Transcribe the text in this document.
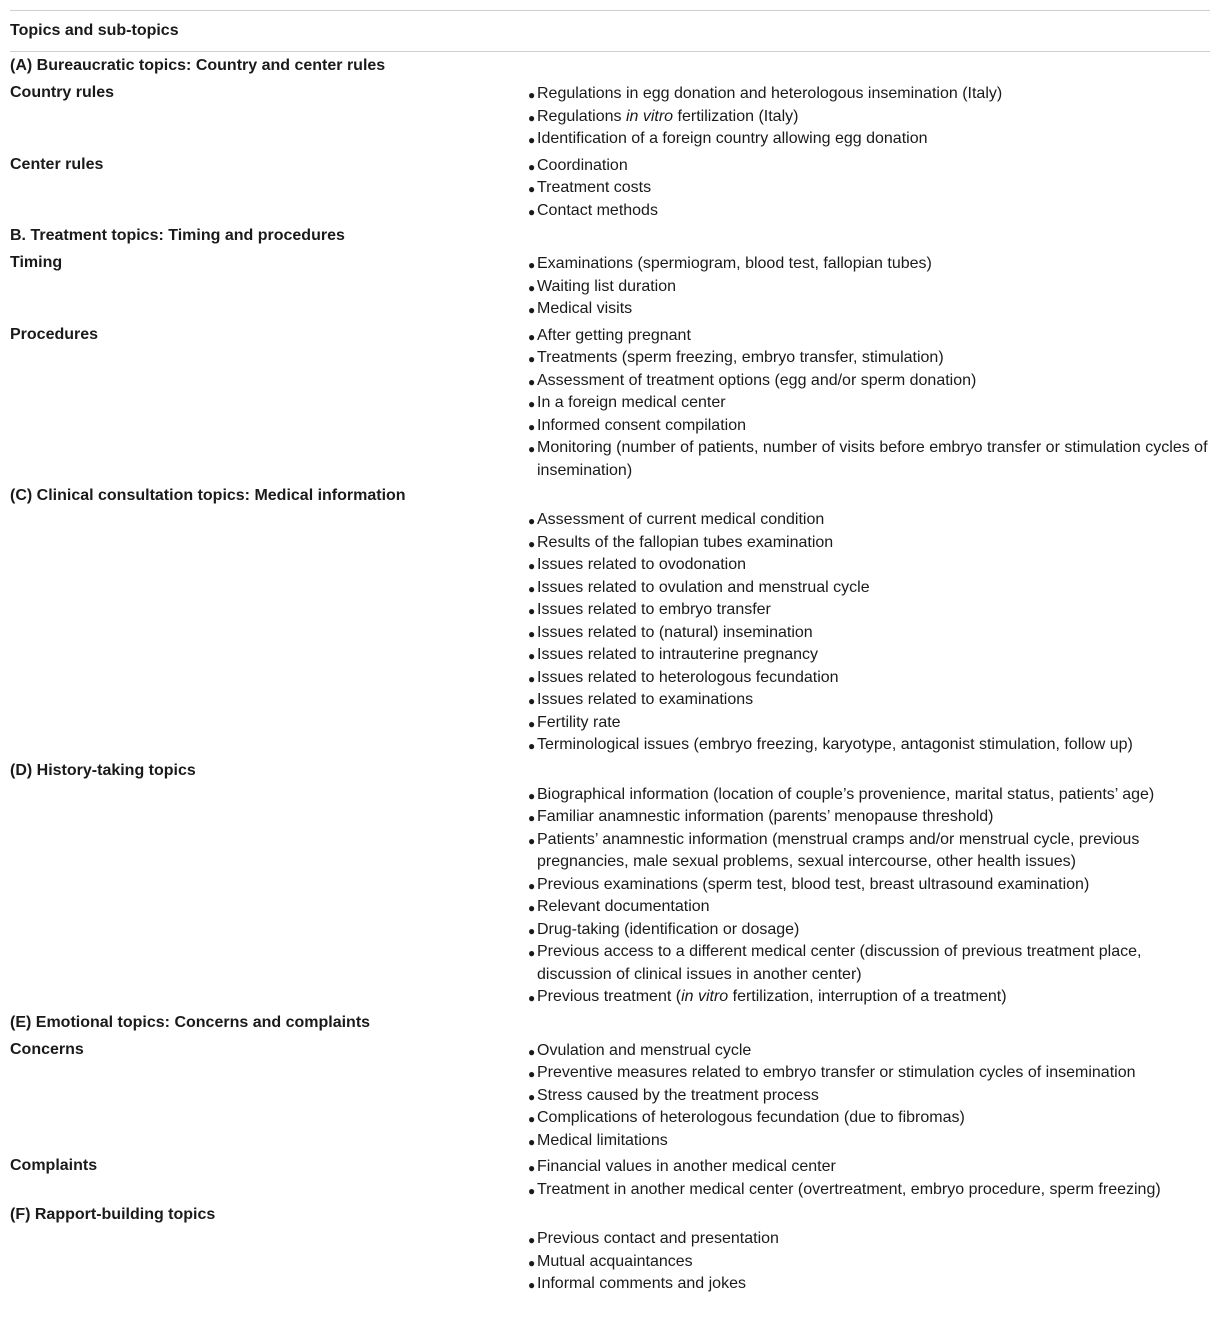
Topics and sub-topics
(A) Bureaucratic topics: Country and center rules
Country rules	● Regulations in egg donation and heterologous insemination (Italy)
● Regulations in vitro fertilization (Italy)
● Identification of a foreign country allowing egg donation
Center rules	● Coordination
● Treatment costs
● Contact methods
B. Treatment topics: Timing and procedures
Timing	● Examinations (spermiogram, blood test, fallopian tubes)
● Waiting list duration
● Medical visits
Procedures	● After getting pregnant
● Treatments (sperm freezing, embryo transfer, stimulation)
● Assessment of treatment options (egg and/or sperm donation)
● In a foreign medical center
● Informed consent compilation
● Monitoring (number of patients, number of visits before embryo transfer or stimulation cycles of insemination)
(C) Clinical consultation topics: Medical information
● Assessment of current medical condition
● Results of the fallopian tubes examination
● Issues related to ovodonation
● Issues related to ovulation and menstrual cycle
● Issues related to embryo transfer
● Issues related to (natural) insemination
● Issues related to intrauterine pregnancy
● Issues related to heterologous fecundation
● Issues related to examinations
● Fertility rate
● Terminological issues (embryo freezing, karyotype, antagonist stimulation, follow up)
(D) History-taking topics
● Biographical information (location of couple’s provenience, marital status, patients’ age)
● Familiar anamnestic information (parents’ menopause threshold)
● Patients’ anamnestic information (menstrual cramps and/or menstrual cycle, previous pregnancies, male sexual problems, sexual intercourse, other health issues)
● Previous examinations (sperm test, blood test, breast ultrasound examination)
● Relevant documentation
● Drug-taking (identification or dosage)
● Previous access to a different medical center (discussion of previous treatment place, discussion of clinical issues in another center)
● Previous treatment (in vitro fertilization, interruption of a treatment)
(E) Emotional topics: Concerns and complaints
Concerns	● Ovulation and menstrual cycle
● Preventive measures related to embryo transfer or stimulation cycles of insemination
● Stress caused by the treatment process
● Complications of heterologous fecundation (due to fibromas)
● Medical limitations
Complaints	● Financial values in another medical center
● Treatment in another medical center (overtreatment, embryo procedure, sperm freezing)
(F) Rapport-building topics
● Previous contact and presentation
● Mutual acquaintances
● Informal comments and jokes
